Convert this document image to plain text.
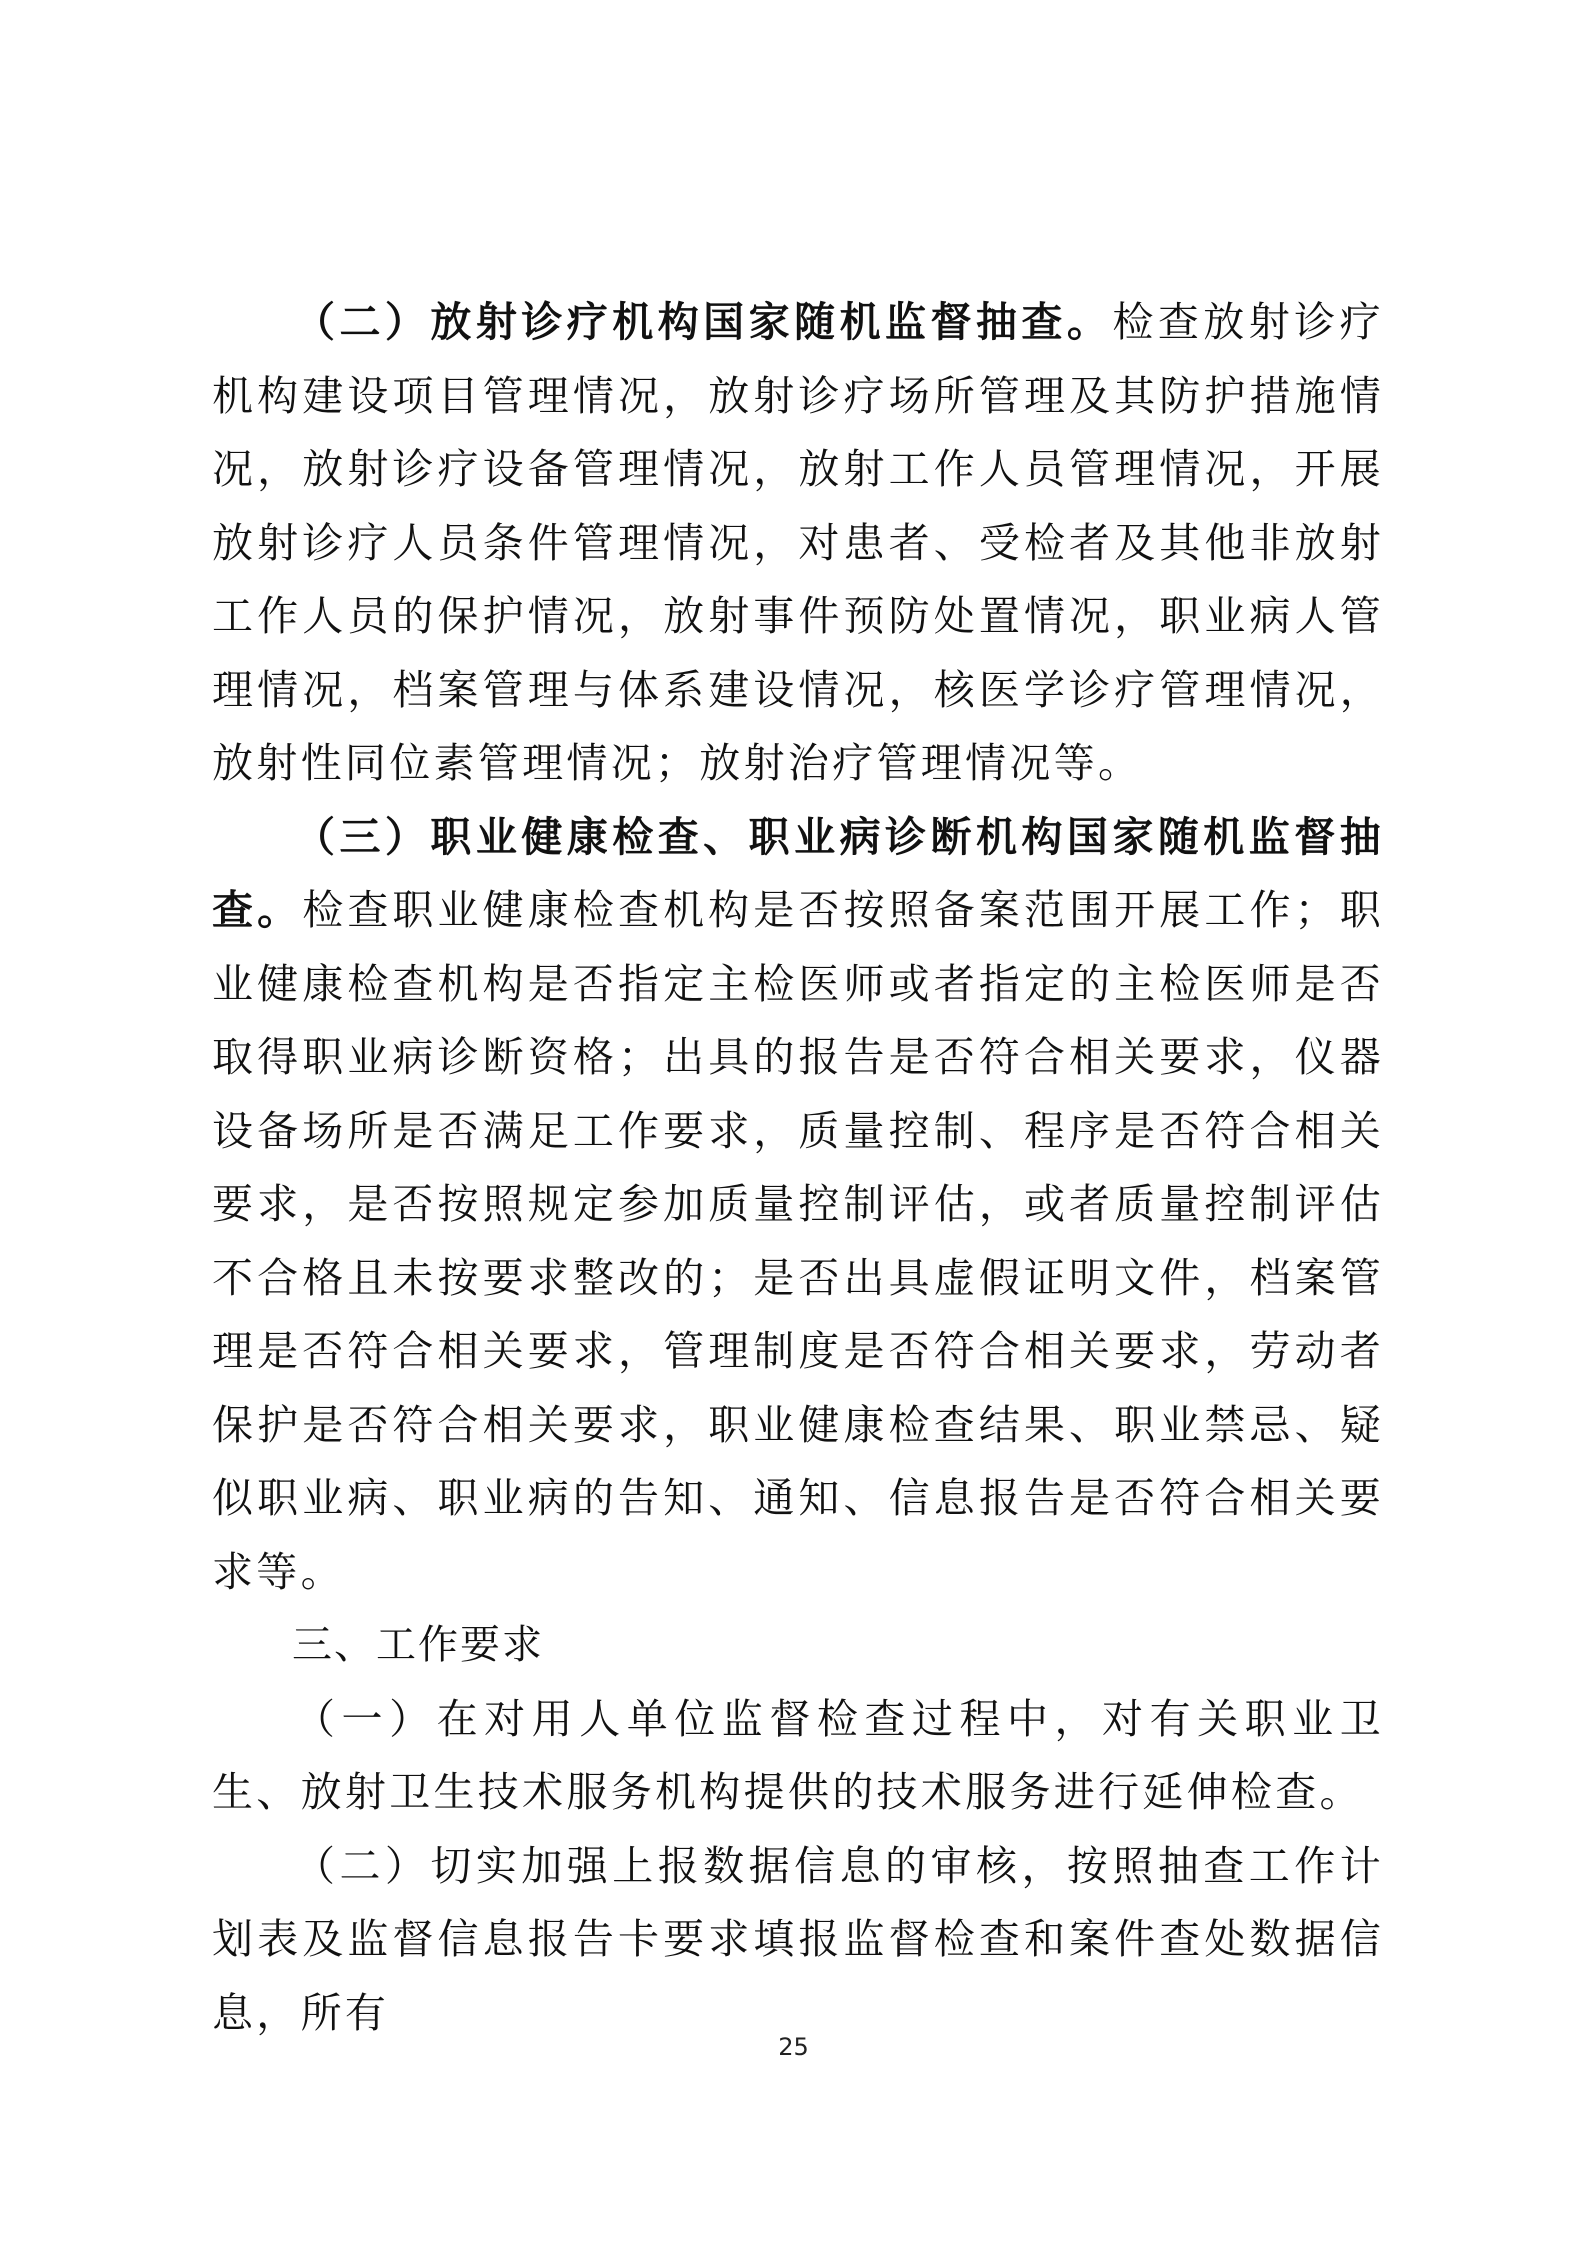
（二）放射诊疗机构国家随机监督抽查。检查放射诊疗机构建设项目管理情况，放射诊疗场所管理及其防护措施情况，放射诊疗设备管理情况，放射工作人员管理情况，开展放射诊疗人员条件管理情况，对患者、受检者及其他非放射工作人员的保护情况，放射事件预防处置情况，职业病人管理情况，档案管理与体系建设情况，核医学诊疗管理情况，放射性同位素管理情况；放射治疗管理情况等。

（三）职业健康检查、职业病诊断机构国家随机监督抽查。检查职业健康检查机构是否按照备案范围开展工作；职业健康检查机构是否指定主检医师或者指定的主检医师是否取得职业病诊断资格；出具的报告是否符合相关要求，仪器设备场所是否满足工作要求，质量控制、程序是否符合相关要求，是否按照规定参加质量控制评估，或者质量控制评估不合格且未按要求整改的；是否出具虚假证明文件，档案管理是否符合相关要求，管理制度是否符合相关要求，劳动者保护是否符合相关要求，职业健康检查结果、职业禁忌、疑似职业病、职业病的告知、通知、信息报告是否符合相关要求等。

三、工作要求

（一）在对用人单位监督检查过程中，对有关职业卫生、放射卫生技术服务机构提供的技术服务进行延伸检查。

（二）切实加强上报数据信息的审核，按照抽查工作计划表及监督信息报告卡要求填报监督检查和案件查处数据信息，所有

25
